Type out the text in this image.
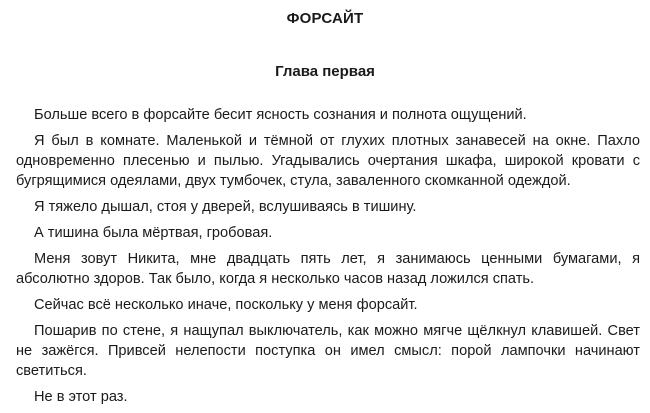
ФОРСАЙТ
Глава первая

Больше всего в форсайте бесит ясность сознания и полнота ощущений.

Я был в комнате. Маленькой и тёмной от глухих плотных занавесей на окне. Пахло одновременно плесенью и пылью. Угадывались очертания шкафа, широкой кровати с бугрящимися одеялами, двух тумбочек, стула, заваленного скомканной одеждой.

Я тяжело дышал, стоя у дверей, вслушиваясь в тишину.

А тишина была мёртвая, гробовая.

Меня зовут Никита, мне двадцать пять лет, я занимаюсь ценными бумагами, я абсолютно здоров. Так было, когда я несколько часов назад ложился спать.

Сейчас всё несколько иначе, поскольку у меня форсайт.

Пошарив по стене, я нащупал выключатель, как можно мягче щёлкнул клавишей. Свет не зажёгся. Привсей нелепости поступка он имел смысл: порой лампочки начинают светиться.

Не в этот раз.
